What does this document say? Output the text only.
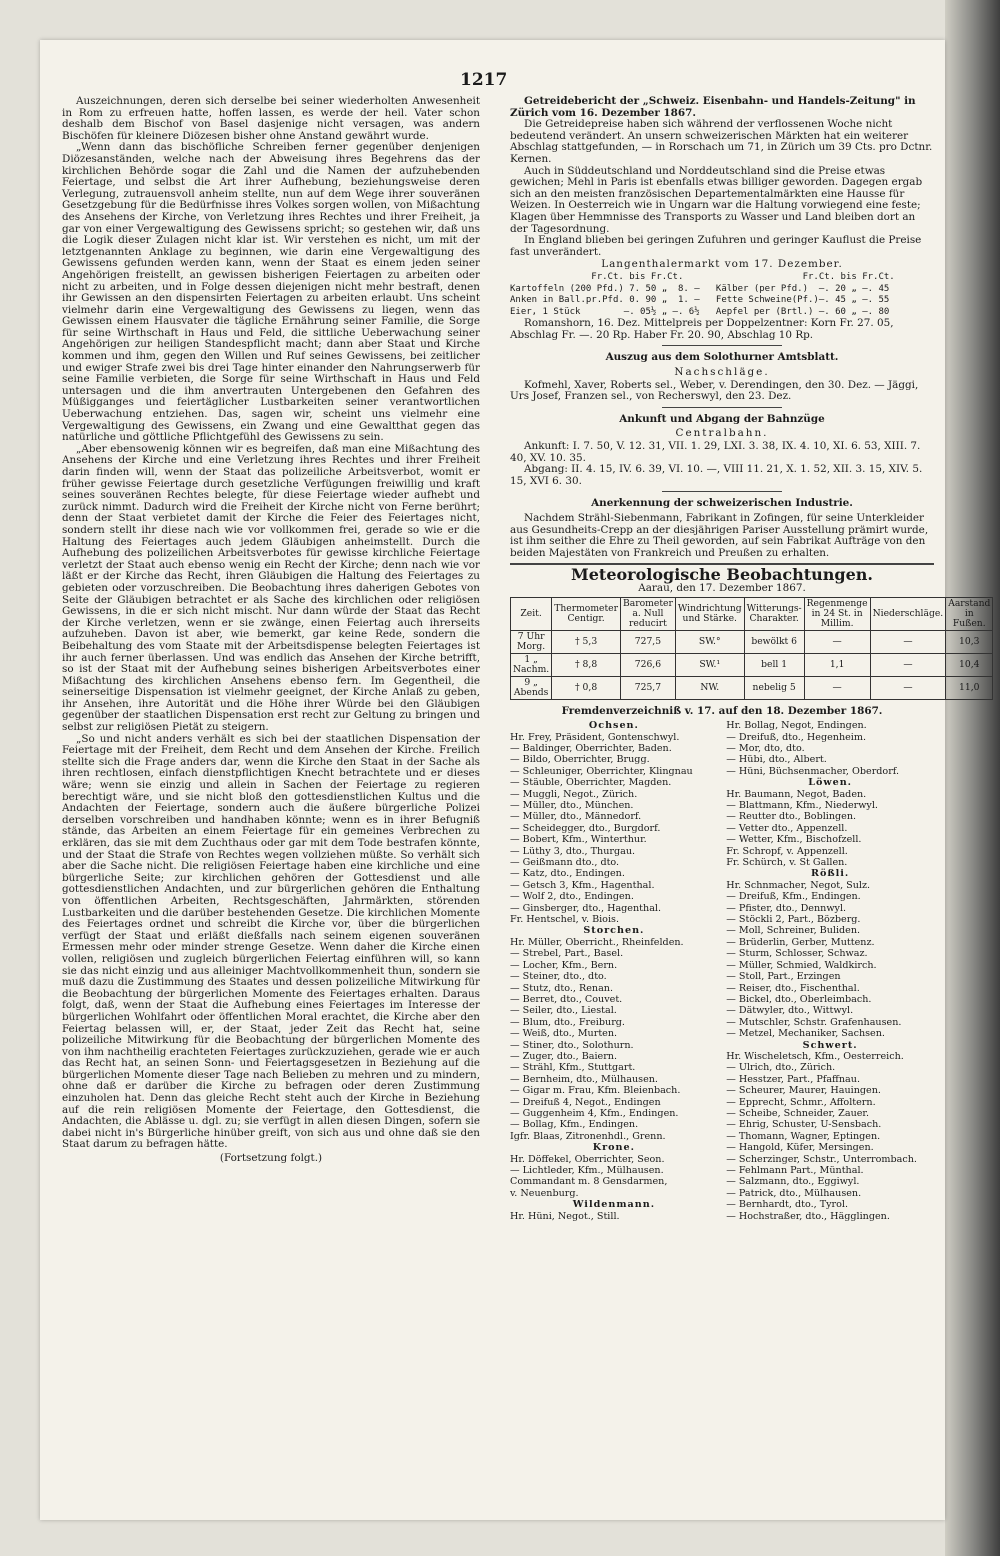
1217

Auszeichnungen, deren sich derselbe bei seiner wiederholten Anwesenheit in Rom zu erfreuen hatte, hoffen lassen, es werde der heil. Vater schon deshalb dem Bischof von Basel dasjenige nicht versagen, was andern Bischöfen für kleinere Diözesen bisher ohne Anstand gewährt wurde.

„Wenn dann das bischöfliche Schreiben ferner gegenüber denjenigen Diözesanständen, welche nach der Abweisung ihres Begehrens das der kirchlichen Behörde sogar die Zahl und die Namen der aufzuhebenden Feiertage, und selbst die Art ihrer Aufhebung, beziehungsweise deren Verlegung, zutrauensvoll anheim stellte, nun auf dem Wege ihrer souveränen Gesetzgebung für die Bedürfnisse ihres Volkes sorgen wollen, von Mißachtung des Ansehens der Kirche, von Verletzung ihres Rechtes und ihrer Freiheit, ja gar von einer Vergewaltigung des Gewissens spricht; so gestehen wir, daß uns die Logik dieser Zulagen nicht klar ist. Wir verstehen es nicht, um mit der letztgenannten Anklage zu beginnen, wie darin eine Vergewaltigung des Gewissens gefunden werden kann, wenn der Staat es einem jeden seiner Angehörigen freistellt, an gewissen bisherigen Feiertagen zu arbeiten oder nicht zu arbeiten, und in Folge dessen diejenigen nicht mehr bestraft, denen ihr Gewissen an den dispensirten Feiertagen zu arbeiten erlaubt. Uns scheint vielmehr darin eine Vergewaltigung des Gewissens zu liegen, wenn das Gewissen einem Hausvater die tägliche Ernährung seiner Familie, die Sorge für seine Wirthschaft in Haus und Feld, die sittliche Ueberwachung seiner Angehörigen zur heiligen Standespflicht macht; dann aber Staat und Kirche kommen und ihm, gegen den Willen und Ruf seines Gewissens, bei zeitlicher und ewiger Strafe zwei bis drei Tage hinter einander den Nahrungserwerb für seine Familie verbieten, die Sorge für seine Wirthschaft in Haus und Feld untersagen und die ihm anvertrauten Untergebenen den Gefahren des Müßigganges und feiertäglicher Lustbarkeiten seiner verantwortlichen Ueberwachung entziehen. Das, sagen wir, scheint uns vielmehr eine Vergewaltigung des Gewissens, ein Zwang und eine Gewaltthat gegen das natürliche und göttliche Pflichtgefühl des Gewissens zu sein.

„Aber ebensowenig können wir es begreifen, daß man eine Mißachtung des Ansehens der Kirche und eine Verletzung ihres Rechtes und ihrer Freiheit darin finden will, wenn der Staat das polizeiliche Arbeitsverbot, womit er früher gewisse Feiertage durch gesetzliche Verfügungen freiwillig und kraft seines souveränen Rechtes belegte, für diese Feiertage wieder aufhebt und zurück nimmt. Dadurch wird die Freiheit der Kirche nicht von Ferne berührt; denn der Staat verbietet damit der Kirche die Feier des Feiertages nicht, sondern stellt ihr diese nach wie vor vollkommen frei, gerade so wie er die Haltung des Feiertages auch jedem Gläubigen anheimstellt. Durch die Aufhebung des polizeilichen Arbeitsverbotes für gewisse kirchliche Feiertage verletzt der Staat auch ebenso wenig ein Recht der Kirche; denn nach wie vor läßt er der Kirche das Recht, ihren Gläubigen die Haltung des Feiertages zu gebieten oder vorzuschreiben. Die Beobachtung ihres daherigen Gebotes von Seite der Gläubigen betrachtet er als Sache des kirchlichen oder religiösen Gewissens, in die er sich nicht mischt. Nur dann würde der Staat das Recht der Kirche verletzen, wenn er sie zwänge, einen Feiertag auch ihrerseits aufzuheben. Davon ist aber, wie bemerkt, gar keine Rede, sondern die Beibehaltung des vom Staate mit der Arbeitsdispense belegten Feiertages ist ihr auch ferner überlassen. Und was endlich das Ansehen der Kirche betrifft, so ist der Staat mit der Aufhebung seines bisherigen Arbeitsverbotes einer Mißachtung des kirchlichen Ansehens ebenso fern. Im Gegentheil, die seinerseitige Dispensation ist vielmehr geeignet, der Kirche Anlaß zu geben, ihr Ansehen, ihre Autorität und die Höhe ihrer Würde bei den Gläubigen gegenüber der staatlichen Dispensation erst recht zur Geltung zu bringen und selbst zur religiösen Pietät zu steigern.

„So und nicht anders verhält es sich bei der staatlichen Dispensation der Feiertage mit der Freiheit, dem Recht und dem Ansehen der Kirche. Freilich stellte sich die Frage anders dar, wenn die Kirche den Staat in der Sache als ihren rechtlosen, einfach dienstpflichtigen Knecht betrachtete und er dieses wäre; wenn sie einzig und allein in Sachen der Feiertage zu regieren berechtigt wäre, und sie nicht bloß den gottesdienstlichen Kultus und die Andachten der Feiertage, sondern auch die äußere bürgerliche Polizei derselben vorschreiben und handhaben könnte; wenn es in ihrer Befugniß stände, das Arbeiten an einem Feiertage für ein gemeines Verbrechen zu erklären, das sie mit dem Zuchthaus oder gar mit dem Tode bestrafen könnte, und der Staat die Strafe von Rechtes wegen vollziehen müßte. So verhält sich aber die Sache nicht. Die religiösen Feiertage haben eine kirchliche und eine bürgerliche Seite; zur kirchlichen gehören der Gottesdienst und alle gottesdienstlichen Andachten, und zur bürgerlichen gehören die Enthaltung von öffentlichen Arbeiten, Rechtsgeschäften, Jahrmärkten, störenden Lustbarkeiten und die darüber bestehenden Gesetze. Die kirchlichen Momente des Feiertages ordnet und schreibt die Kirche vor, über die bürgerlichen verfügt der Staat und erläßt dießfalls nach seinem eigenen souveränen Ermessen mehr oder minder strenge Gesetze. Wenn daher die Kirche einen vollen, religiösen und zugleich bürgerlichen Feiertag einführen will, so kann sie das nicht einzig und aus alleiniger Machtvollkommenheit thun, sondern sie muß dazu die Zustimmung des Staates und dessen polizeiliche Mitwirkung für die Beobachtung der bürgerlichen Momente des Feiertages erhalten. Daraus folgt, daß, wenn der Staat die Aufhebung eines Feiertages im Interesse der bürgerlichen Wohlfahrt oder öffentlichen Moral erachtet, die Kirche aber den Feiertag belassen will, er, der Staat, jeder Zeit das Recht hat, seine polizeiliche Mitwirkung für die Beobachtung der bürgerlichen Momente des von ihm nachtheilig erachteten Feiertages zurückzuziehen, gerade wie er auch das Recht hat, an seinen Sonn- und Feiertagsgesetzen in Beziehung auf die bürgerlichen Momente dieser Tage nach Belieben zu mehren und zu mindern, ohne daß er darüber die Kirche zu befragen oder deren Zustimmung einzuholen hat. Denn das gleiche Recht steht auch der Kirche in Beziehung auf die rein religiösen Momente der Feiertage, den Gottesdienst, die Andachten, die Ablässe u. dgl. zu; sie verfügt in allen diesen Dingen, sofern sie dabei nicht in's Bürgerliche hinüber greift, von sich aus und ohne daß sie den Staat darum zu befragen hätte.

(Fortsetzung folgt.)

Getreidebericht der „Schweiz. Eisenbahn- und Handels-Zeitung" in Zürich vom 16. Dezember 1867.

Die Getreidepreise haben sich während der verflossenen Woche nicht bedeutend verändert. An unsern schweizerischen Märkten hat ein weiterer Abschlag stattgefunden, — in Rorschach um 71, in Zürich um 39 Cts. pro Dctnr. Kernen.

Auch in Süddeutschland und Norddeutschland sind die Preise etwas gewichen; Mehl in Paris ist ebenfalls etwas billiger geworden. Dagegen ergab sich an den meisten französischen Departementalmärkten eine Hausse für Weizen. In Oesterreich wie in Ungarn war die Haltung vorwiegend eine feste; Klagen über Hemmnisse des Transports zu Wasser und Land bleiben dort an der Tagesordnung.

In England blieben bei geringen Zufuhren und geringer Kauflust die Preise fast unverändert.

Langenthalermarkt vom 17. Dezember.
Fr.Ct. bis Fr.Ct.                      Fr.Ct. bis Fr.Ct.
Kartoffeln (200 Pfd.) 7. 50 „  8. —   Kälber (per Pfd.)  —. 20 „ —. 45
Anken in Ball.pr.Pfd. 0. 90 „  1. —   Fette Schweine(Pf.)—. 45 „ —. 55
Eier, 1 Stück        —. 05½ „ —. 6½   Aepfel per (Brtl.) —. 60 „ —. 80

Romanshorn, 16. Dez. Mittelpreis per Doppelzentner: Korn Fr. 27. 05, Abschlag Fr. —. 20 Rp. Haber Fr. 20. 90, Abschlag 10 Rp.

Auszug aus dem Solothurner Amtsblatt.
Nachschläge.

Kofmehl, Xaver, Roberts sel., Weber, v. Derendingen, den 30. Dez. — Jäggi, Urs Josef, Franzen sel., von Recherswyl, den 23. Dez.

Ankunft und Abgang der Bahnzüge
Centralbahn.

Ankunft: I. 7. 50, V. 12. 31, VII. 1. 29, LXI. 3. 38, IX. 4. 10, XI. 6. 53, XIII. 7. 40, XV. 10. 35.

Abgang: II. 4. 15, IV. 6. 39, VI. 10. —, VIII 11. 21, X. 1. 52, XII. 3. 15, XIV. 5. 15, XVI 6. 30.

Anerkennung der schweizerischen Industrie.

Nachdem Strähl-Siebenmann, Fabrikant in Zofingen, für seine Unterkleider aus Gesundheits-Crepp an der diesjährigen Pariser Ausstellung prämirt wurde, ist ihm seither die Ehre zu Theil geworden, auf sein Fabrikat Aufträge von den beiden Majestäten von Frankreich und Preußen zu erhalten.

Meteorologische Beobachtungen.
Aarau, den 17. Dezember 1867.
Zeit.	Thermometer Centigr.	Barometer a. Null reducirt	Windrichtung und Stärke.	Witterungs-Charakter.	Regenmenge in 24 St. in Millim.	Niederschläge.	Aarstand in Fußen.
7 Uhr Morg.	† 5,3	727,5	SW.°	bewölkt 6	—	—	10,3
1 „ Nachm.	† 8,8	726,6	SW.¹	bell 1	1,1	—	10,4
9 „ Abends	† 0,8	725,7	NW.	nebelig 5	—	—	11,0
Fremdenverzeichniß v. 17. auf den 18. Dezember 1867.
Ochsen.
Hr. Frey, Präsident, Gontenschwyl.
— Baldinger, Oberrichter, Baden.
— Bildo, Oberrichter, Brugg.
— Schleuniger, Oberrichter, Klingnau
— Stäuble, Oberrichter, Magden.
— Muggli, Negot., Zürich.
— Müller, dto., München.
— Müller, dto., Männedorf.
— Scheidegger, dto., Burgdorf.
— Bobert, Kfm., Winterthur.
— Lüthy 3, dto., Thurgau.
— Geißmann dto., dto.
— Katz, dto., Endingen.
— Getsch 3, Kfm., Hagenthal.
— Wolf 2, dto., Endingen.
— Ginsberger, dto., Hagenthal.
Fr. Hentschel, v. Biois.
Storchen.
Hr. Müller, Oberricht., Rheinfelden.
— Strebel, Part., Basel.
— Locher, Kfm., Bern.
— Steiner, dto., dto.
— Stutz, dto., Renan.
— Berret, dto., Couvet.
— Seiler, dto., Liestal.
— Blum, dto., Freiburg.
— Weiß, dto., Murten.
— Stiner, dto., Solothurn.
— Zuger, dto., Baiern.
— Strähl, Kfm., Stuttgart.
— Bernheim, dto., Mülhausen.
— Gigar m. Frau, Kfm. Bleienbach.
— Dreifuß 4, Negot., Endingen
— Guggenheim 4, Kfm., Endingen.
— Bollag, Kfm., Endingen.
Igfr. Blaas, Zitronenhdl., Grenn.
Krone.
Hr. Döffekel, Oberrichter, Seon.
— Lichtleder, Kfm., Mülhausen.
Commandant m. 8 Gensdarmen,
v. Neuenburg.
Wildenmann.
Hr. Hüni, Negot., Still.
Hr. Bollag, Negot, Endingen.
— Dreifuß, dto., Hegenheim.
— Mor, dto, dto.
— Hübi, dto., Albert.
— Hüni, Büchsenmacher, Oberdorf.
Löwen.
Hr. Baumann, Negot, Baden.
— Blattmann, Kfm., Niederwyl.
— Reutter dto., Boblingen.
— Vetter dto., Appenzell.
— Wetter, Kfm., Bischofzell.
Fr. Schropf, v. Appenzell.
Fr. Schürch, v. St Gallen.
Rößli.
Hr. Schnmacher, Negot, Sulz.
— Dreifuß, Kfm., Endingen.
— Pfister, dto., Dennwyl.
— Stöckli 2, Part., Bözberg.
— Moll, Schreiner, Buliden.
— Brüderlin, Gerber, Muttenz.
— Sturm, Schlosser, Schwaz.
— Müller, Schmied, Waldkirch.
— Stoll, Part., Erzingen
— Reiser, dto., Fischenthal.
— Bickel, dto., Oberleimbach.
— Dätwyler, dto., Wittwyl.
— Mutschler, Schstr. Grafenhausen.
— Metzel, Mechaniker, Sachsen.
Schwert.
Hr. Wischeletsch, Kfm., Oesterreich.
— Ulrich, dto., Zürich.
— Hesstzer, Part., Pfaffnau.
— Scheurer, Maurer, Hauingen.
— Epprecht, Schmr., Affoltern.
— Scheibe, Schneider, Zauer.
— Ehrig, Schuster, U-Sensbach.
— Thomann, Wagner, Eptingen.
— Hangold, Küfer, Mersingen.
— Scherzinger, Schstr., Unterrombach.
— Fehlmann Part., Münthal.
— Salzmann, dto., Eggiwyl.
— Patrick, dto., Mülhausen.
— Bernhardt, dto., Tyrol.
— Hochstraßer, dto., Hägglingen.
